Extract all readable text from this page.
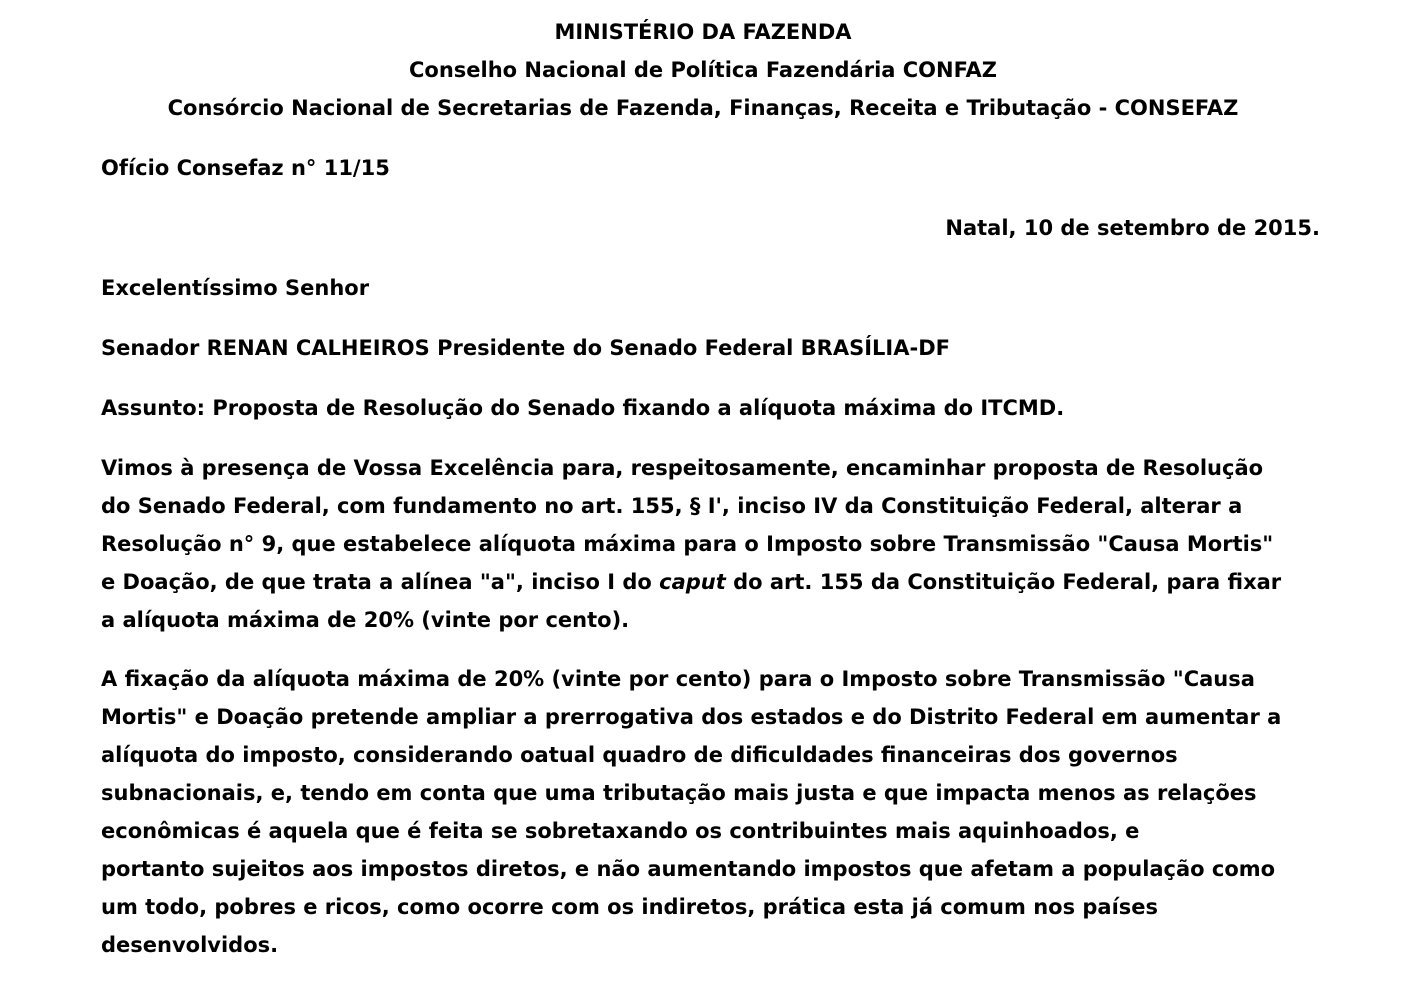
MINISTÉRIO DA FAZENDA
Conselho Nacional de Política Fazendária CONFAZ
Consórcio Nacional de Secretarias de Fazenda, Finanças, Receita e Tributação - CONSEFAZ
Ofício Consefaz n° 11/15
Natal, 10 de setembro de 2015.
Excelentíssimo Senhor
Senador RENAN CALHEIROS Presidente do Senado Federal BRASÍLIA-DF
Assunto: Proposta de Resolução do Senado fixando a alíquota máxima do ITCMD.
Vimos à presença de Vossa Excelência para, respeitosamente, encaminhar proposta de Resolução
do Senado Federal, com fundamento no art. 155, § I', inciso IV da Constituição Federal, alterar a
Resolução n° 9, que estabelece alíquota máxima para o Imposto sobre Transmissão "Causa Mortis"
e Doação, de que trata a alínea "a", inciso I do caput do art. 155 da Constituição Federal, para fixar
a alíquota máxima de 20% (vinte por cento).
A fixação da alíquota máxima de 20% (vinte por cento) para o Imposto sobre Transmissão "Causa
Mortis" e Doação pretende ampliar a prerrogativa dos estados e do Distrito Federal em aumentar a
alíquota do imposto, considerando oatual quadro de dificuldades financeiras dos governos
subnacionais, e, tendo em conta que uma tributação mais justa e que impacta menos as relações
econômicas é aquela que é feita se sobretaxando os contribuintes mais aquinhoados, e
portanto sujeitos aos impostos diretos, e não aumentando impostos que afetam a população como
um todo, pobres e ricos, como ocorre com os indiretos, prática esta já comum nos países
desenvolvidos.
